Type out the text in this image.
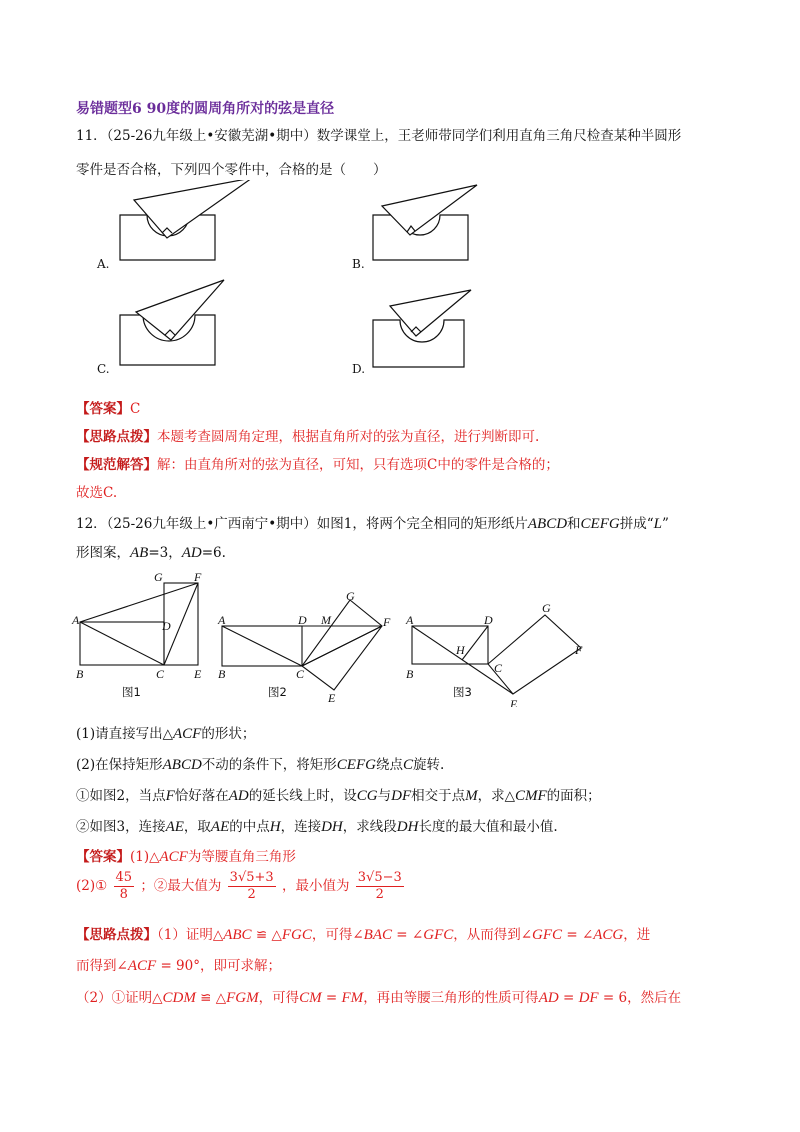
易错题型6 90度的圆周角所对的弦是直径
11．（25-26九年级上•安徽芜湖•期中）数学课堂上，王老师带同学们利用直角三角尺检查某种半圆形
零件是否合格，下列四个零件中，合格的是（　　）
A.	B.
C.	D.
【答案】C
【思路点拨】本题考查圆周角定理，根据直角所对的弦为直径，进行判断即可.
【规范解答】解：由直角所对的弦为直径，可知，只有选项C中的零件是合格的；
故选C.
12．（25-26九年级上•广西南宁•期中）如图1，将两个完全相同的矩形纸片ABCD和CEFG拼成“L”
形图案，AB=3，AD=6.
G	F
A	D
B	C E
图1
G
A	D M	F
B	C
E
图2
G
A	D
H	F
C
B
E
图3
(1)请直接写出△ACF的形状；
(2)在保持矩形ABCD不动的条件下，将矩形CEFG绕点C旋转.
①如图2，当点F恰好落在AD的延长线上时，设CG与DF相交于点M，求△CMF的面积；
②如图3，连接AE，取AE的中点H，连接DH，求线段DH长度的最大值和最小值.
【答案】(1)△ACF为等腰直角三角形
(2)① $\frac{45}{8}$ ；②最大值为 $\frac{3√5+3}{2}$ ，最小值为 $\frac{3√5-3}{2}$
【思路点拨】（1）证明△ABC ≌ △FGC，可得∠BAC = ∠GFC，从而得到∠GFC = ∠ACG，进
而得到∠ACF = 90°，即可求解；
（2）①证明△CDM ≌ △FGM，可得CM = FM，再由等腰三角形的性质可得AD = DF = 6，然后在
